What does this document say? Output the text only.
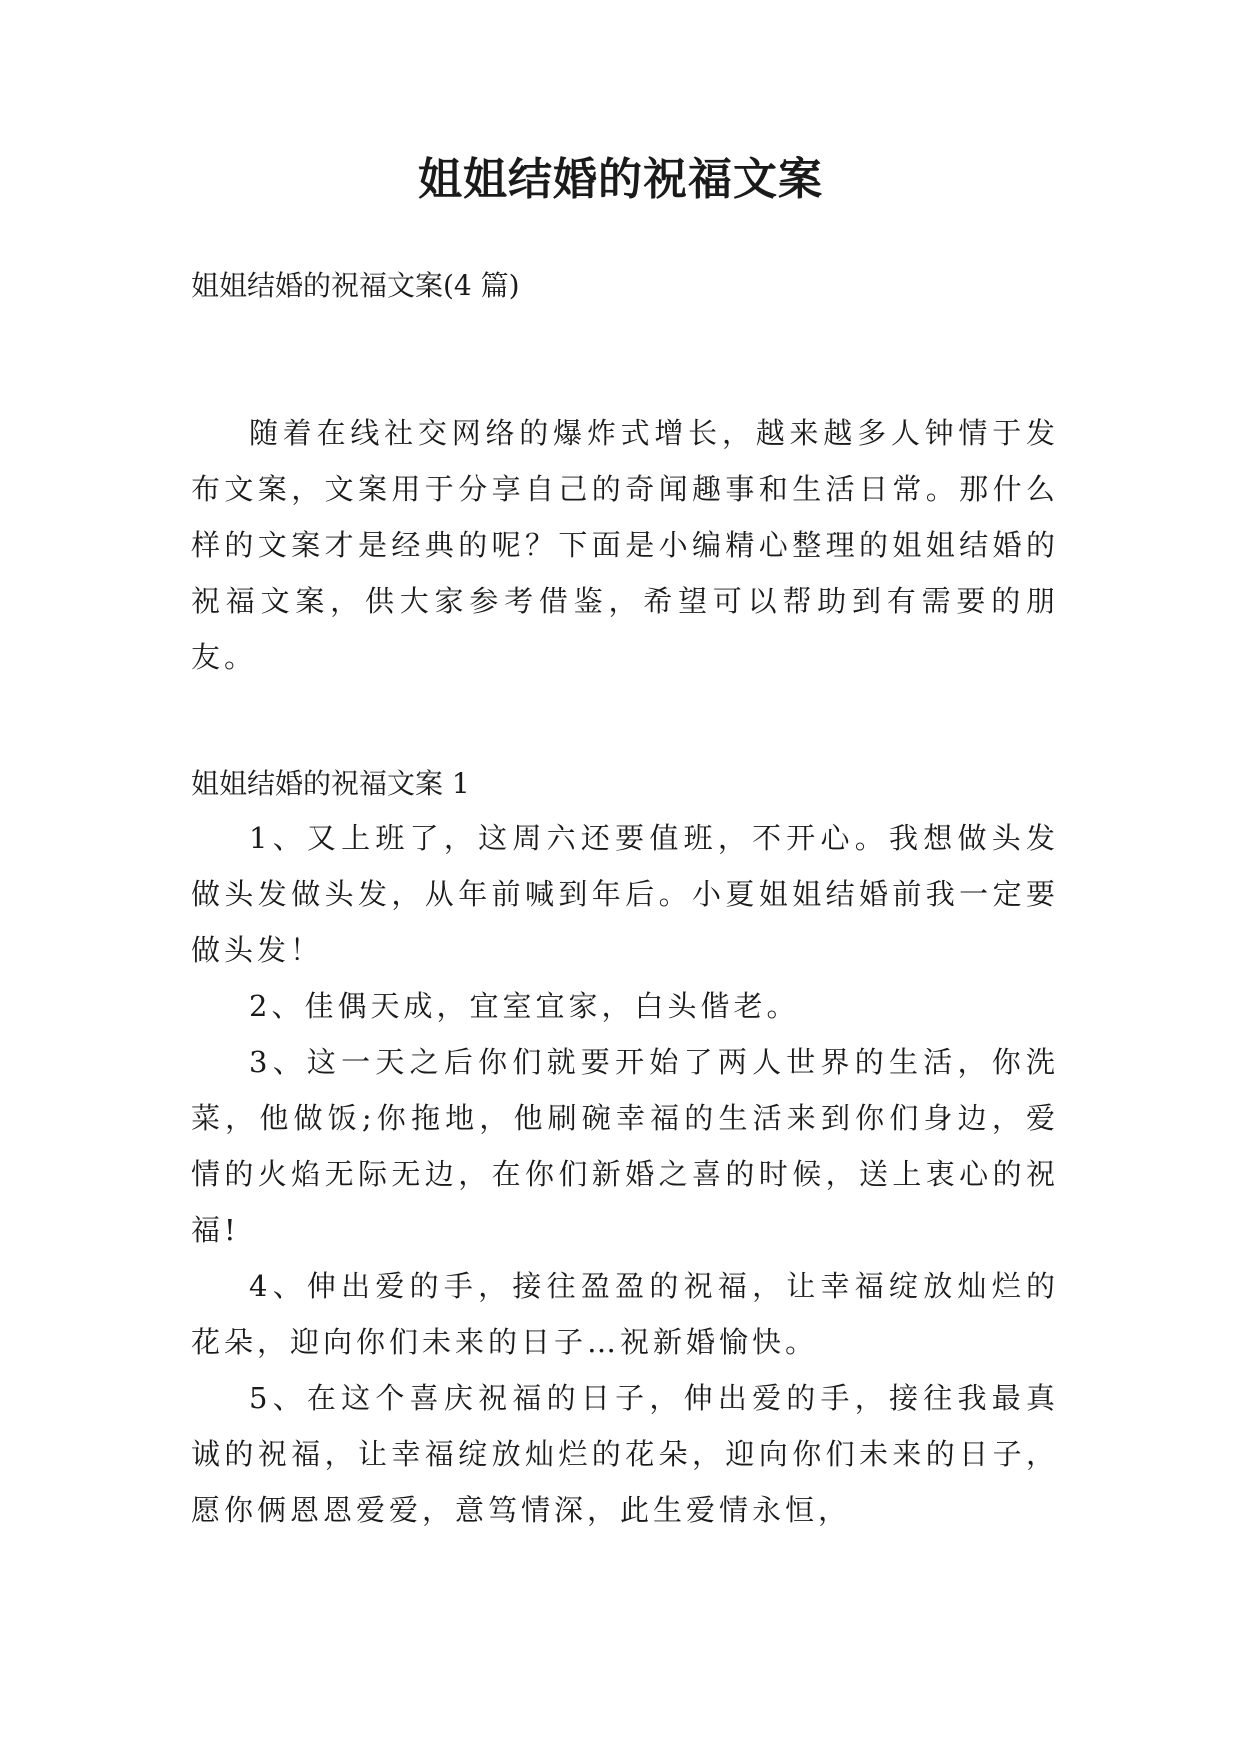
姐姐结婚的祝福文案

姐姐结婚的祝福文案(4 篇)

随着在线社交网络的爆炸式增长，越来越多人钟情于发布文案，文案用于分享自己的奇闻趣事和生活日常。那什么样的文案才是经典的呢？下面是小编精心整理的姐姐结婚的祝福文案，供大家参考借鉴，希望可以帮助到有需要的朋友。

姐姐结婚的祝福文案 1

1、又上班了，这周六还要值班，不开心。我想做头发做头发做头发，从年前喊到年后。小夏姐姐结婚前我一定要做头发！

2、佳偶天成，宜室宜家，白头偕老。

3、这一天之后你们就要开始了两人世界的生活，你洗菜，他做饭;你拖地，他刷碗幸福的生活来到你们身边，爱情的火焰无际无边，在你们新婚之喜的时候，送上衷心的祝福!

4、伸出爱的手，接往盈盈的祝福，让幸福绽放灿烂的花朵，迎向你们未来的日子…祝新婚愉快。

5、在这个喜庆祝福的日子，伸出爱的手，接往我最真诚的祝福，让幸福绽放灿烂的花朵，迎向你们未来的日子，愿你俩恩恩爱爱，意笃情深，此生爱情永恒，
